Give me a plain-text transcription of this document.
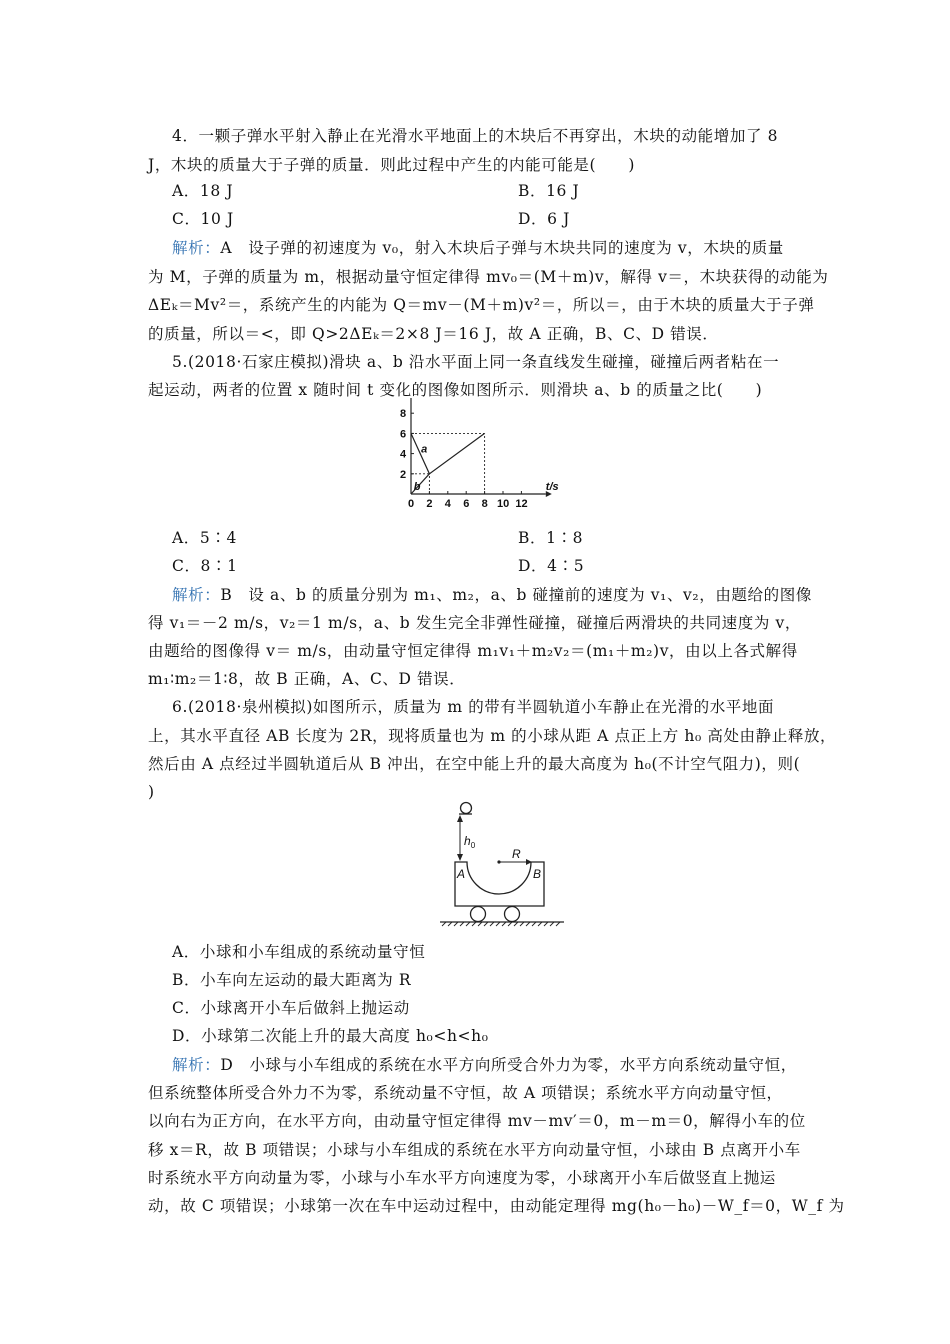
4．一颗子弹水平射入静止在光滑水平地面上的木块后不再穿出，木块的动能增加了 8
J，木块的质量大于子弹的质量．则此过程中产生的内能可能是(　　)
A．18 J	B．16 J
C．10 J	D．6 J
解析：A　设子弹的初速度为 v₀，射入木块后子弹与木块共同的速度为 v，木块的质量
为 M，子弹的质量为 m，根据动量守恒定律得 mv₀＝(M＋m)v，解得 v＝，木块获得的动能为
ΔEₖ＝Mv²＝，系统产生的内能为 Q＝mv－(M＋m)v²＝，所以＝，由于木块的质量大于子弹
的质量，所以＝<，即 Q>2ΔEₖ＝2×8 J＝16 J，故 A 正确，B、C、D 错误．
5.(2018·石家庄模拟)滑块 a、b 沿水平面上同一条直线发生碰撞，碰撞后两者粘在一
起运动，两者的位置 x 随时间 t 变化的图像如图所示．则滑块 a、b 的质量之比(　　)
t/s
0 2 4 6 8 10 12
2
4
6
8
a
b
A．5∶4	B．1∶8
C．8∶1	D．4∶5
解析：B　设 a、b 的质量分别为 m₁、m₂，a、b 碰撞前的速度为 v₁、v₂，由题给的图像
得 v₁＝－2 m/s，v₂＝1 m/s，a、b 发生完全非弹性碰撞，碰撞后两滑块的共同速度为 v，
由题给的图像得 v＝ m/s，由动量守恒定律得 m₁v₁＋m₂v₂＝(m₁＋m₂)v，由以上各式解得
m₁∶m₂＝1∶8，故 B 正确，A、C、D 错误．
6.(2018·泉州模拟)如图所示，质量为 m 的带有半圆轨道小车静止在光滑的水平地面
上，其水平直径 AB 长度为 2R，现将质量也为 m 的小球从距 A 点正上方 h₀ 高处由静止释放，
然后由 A 点经过半圆轨道后从 B 冲出，在空中能上升的最大高度为 h₀(不计空气阻力)，则(
)
$h_0$
R
A	B
A．小球和小车组成的系统动量守恒
B．小车向左运动的最大距离为 R
C．小球离开小车后做斜上抛运动
D．小球第二次能上升的最大高度 h₀<h<h₀
解析：D　小球与小车组成的系统在水平方向所受合外力为零，水平方向系统动量守恒，
但系统整体所受合外力不为零，系统动量不守恒，故 A 项错误；系统水平方向动量守恒，
以向右为正方向，在水平方向，由动量守恒定律得 mv－mv′＝0，m－m＝0，解得小车的位
移 x＝R，故 B 项错误；小球与小车组成的系统在水平方向动量守恒，小球由 B 点离开小车
时系统水平方向动量为零，小球与小车水平方向速度为零，小球离开小车后做竖直上抛运
动，故 C 项错误；小球第一次在车中运动过程中，由动能定理得 mg(h₀－h₀)－W_f＝0，W_f 为
